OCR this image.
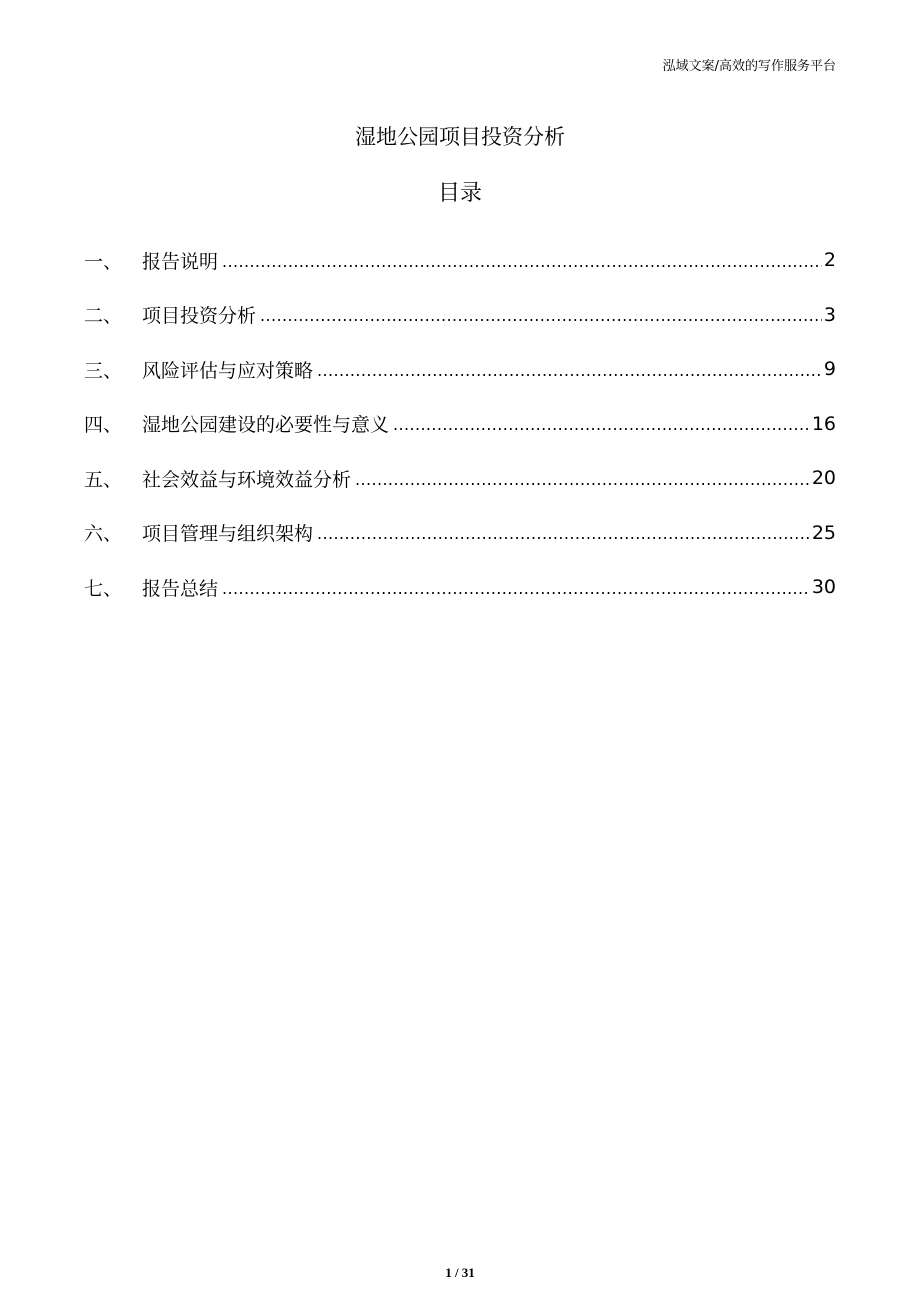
泓域文案/高效的写作服务平台
湿地公园项目投资分析
目录
一、	报告说明 .....	2
二、	项目投资分析 .....	3
三、	风险评估与应对策略 .....	9
四、	湿地公园建设的必要性与意义 .....	16
五、	社会效益与环境效益分析 .....	20
六、	项目管理与组织架构 .....	25
七、	报告总结 .....	30
1 / 31
